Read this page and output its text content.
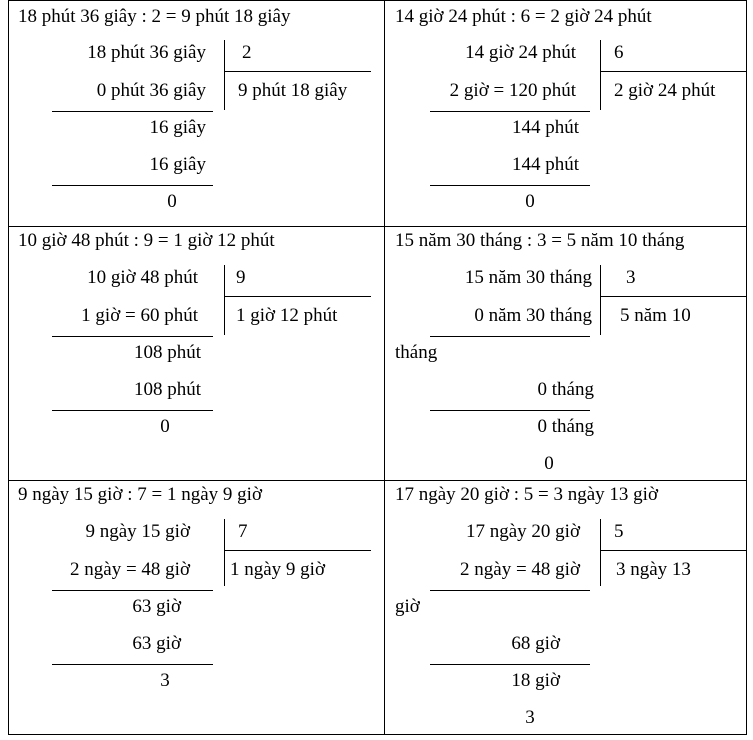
18 phút 36 giây : 2 = 9 phút 18 giây
18 phút 36 giây 2
0 phút 36 giây 9 phút 18 giây
16 giây
16 giây
0
14 giờ 24 phút : 6 = 2 giờ 24 phút
14 giờ 24 phút 6
2 giờ = 120 phút 2 giờ 24 phút
144 phút
144 phút
0
10 giờ 48 phút : 9 = 1 giờ 12 phút
10 giờ 48 phút 9
1 giờ = 60 phút 1 giờ 12 phút
108 phút
108 phút
0
15 năm 30 tháng : 3 = 5 năm 10 tháng
15 năm 30 tháng 3
0 năm 30 tháng 5 năm 10
tháng
0 tháng
0 tháng
0
9 ngày 15 giờ : 7 = 1 ngày 9 giờ
9 ngày 15 giờ	7
2 ngày = 48 giờ 1 ngày 9 giờ
63 giờ
63 giờ
3
17 ngày 20 giờ : 5 = 3 ngày 13 giờ
17 ngày 20 giờ 5
2 ngày = 48 giờ 3 ngày 13
giờ
68 giờ
18 giờ
3
